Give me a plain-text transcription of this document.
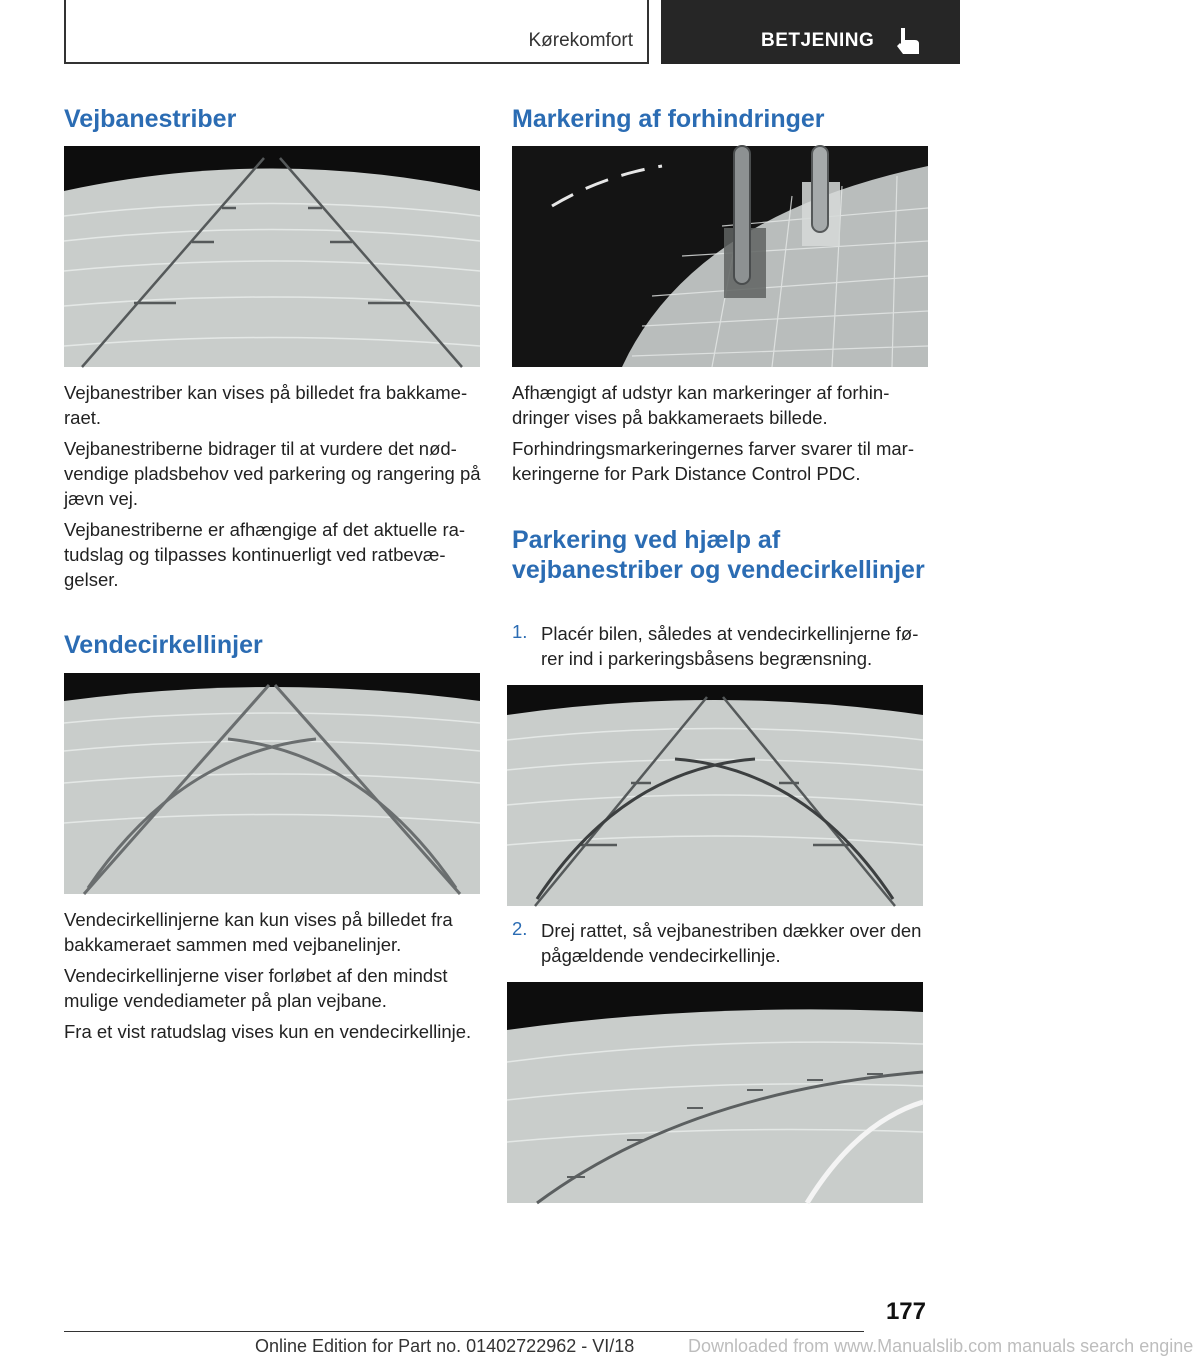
Kørekomfort	BETJENING
Vejbanestriber

Vejbanestriber kan vises på billedet fra bakkame‐raet.

Vejbanestriberne bidrager til at vurdere det nød‐vendige pladsbehov ved parkering og rangering på jævn vej.

Vejbanestriberne er afhængige af det aktuelle ra‐tudslag og tilpasses kontinuerligt ved ratbevæ‐gelser.

Vendecirkellinjer

Vendecirkellinjerne kan kun vises på billedet fra bakkameraet sammen med vejbanelinjer.

Vendecirkellinjerne viser forløbet af den mindst mulige vendediameter på plan vejbane.

Fra et vist ratudslag vises kun en vendecirkellinje.

Markering af forhindringer

Afhængigt af udstyr kan markeringer af forhin‐dringer vises på bakkameraets billede.

Forhindringsmarkeringernes farver svarer til mar‐keringerne for Park Distance Control PDC.

Parkering ved hjælp af vejbanestriber og vendecirkellinjer
1. Placér bilen, således at vendecirkellinjerne fø‐rer ind i parkeringsbåsens begrænsning.

2. Drej rattet, så vejbanestriben dækker over den pågældende vendecirkellinje.

177
Online Edition for Part no. 01402722962 - VI/18	Downloaded from www.Manualslib.com manuals search engine
